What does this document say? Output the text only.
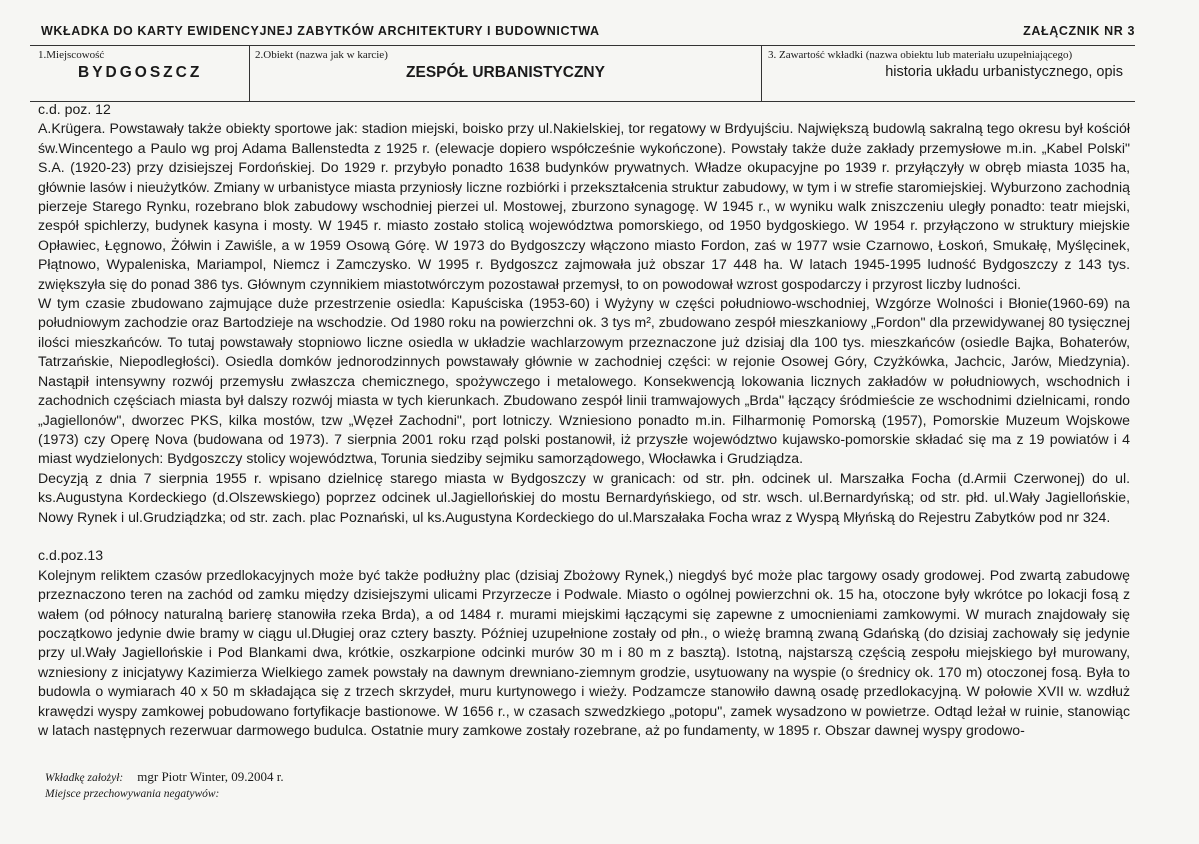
WKŁADKA DO KARTY EWIDENCYJNEJ ZABYTKÓW ARCHITEKTURY I BUDOWNICTWA	ZAŁĄCZNIK NR 3
1.Miejscowość
BYDGOSZCZ
2.Obiekt (nazwa jak w karcie)
ZESPÓŁ URBANISTYCZNY
3. Zawartość wkładki (nazwa obiektu lub materiału uzupełniającego)
historia układu urbanistycznego, opis

c.d. poz. 12

A.Krügera. Powstawały także obiekty sportowe jak: stadion miejski, boisko przy ul.Nakielskiej, tor regatowy w Brdyujściu. Największą budowlą sakralną tego okresu był kościół św.Wincentego a Paulo wg proj Adama Ballenstedta z 1925 r. (elewacje dopiero współcześnie wykończone). Powstały także duże zakłady przemysłowe m.in. „Kabel Polski" S.A. (1920-23) przy dzisiejszej Fordońskiej. Do 1929 r. przybyło ponadto 1638 budynków prywatnych. Władze okupacyjne po 1939 r. przyłączyły w obręb miasta 1035 ha, głównie lasów i nieużytków. Zmiany w urbanistyce miasta przyniosły liczne rozbiórki i przekształcenia struktur zabudowy, w tym i w strefie staromiejskiej. Wyburzono zachodnią pierzeje Starego Rynku, rozebrano blok zabudowy wschodniej pierzei ul. Mostowej, zburzono synagogę. W 1945 r., w wyniku walk zniszczeniu uległy ponadto: teatr miejski, zespół spichlerzy, budynek kasyna i mosty. W 1945 r. miasto zostało stolicą województwa pomorskiego, od 1950 bydgoskiego. W 1954 r. przyłączono w struktury miejskie Opławiec, Łęgnowo, Żółwin i Zawiśle, a w 1959 Osową Górę. W 1973 do Bydgoszczy włączono miasto Fordon, zaś w 1977 wsie Czarnowo, Łoskoń, Smukałę, Myślęcinek, Płątnowo, Wypaleniska, Mariampol, Niemcz i Zamczysko. W 1995 r. Bydgoszcz zajmowała już obszar 17 448 ha. W latach 1945-1995 ludność Bydgoszczy z 143 tys. zwiększyła się do ponad 386 tys. Głównym czynnikiem miastotwórczym pozostawał przemysł, to on powodował wzrost gospodarczy i przyrost liczby ludności.

W tym czasie zbudowano zajmujące duże przestrzenie osiedla: Kapuściska (1953-60) i Wyżyny w części południowo-wschodniej, Wzgórze Wolności i Błonie(1960-69) na południowym zachodzie oraz Bartodzieje na wschodzie. Od 1980 roku na powierzchni ok. 3 tys m², zbudowano zespół mieszkaniowy „Fordon" dla przewidywanej 80 tysięcznej ilości mieszkańców. To tutaj powstawały stopniowo liczne osiedla w układzie wachlarzowym przeznaczone już dzisiaj dla 100 tys. mieszkańców (osiedle Bajka, Bohaterów, Tatrzańskie, Niepodległości). Osiedla domków jednorodzinnych powstawały głównie w zachodniej części: w rejonie Osowej Góry, Czyżkówka, Jachcic, Jarów, Miedzynia). Nastąpił intensywny rozwój przemysłu zwłaszcza chemicznego, spożywczego i metalowego. Konsekwencją lokowania licznych zakładów w południowych, wschodnich i zachodnich częściach miasta był dalszy rozwój miasta w tych kierunkach. Zbudowano zespół linii tramwajowych „Brda" łączący śródmieście ze wschodnimi dzielnicami, rondo „Jagiellonów", dworzec PKS, kilka mostów, tzw „Węzeł Zachodni", port lotniczy. Wzniesiono ponadto m.in. Filharmonię Pomorską (1957), Pomorskie Muzeum Wojskowe (1973) czy Operę Nova (budowana od 1973). 7 sierpnia 2001 roku rząd polski postanowił, iż przyszłe województwo kujawsko-pomorskie składać się ma z 19 powiatów i 4 miast wydzielonych: Bydgoszczy stolicy województwa, Torunia siedziby sejmiku samorządowego, Włocławka i Grudziądza.

Decyzją z dnia 7 sierpnia 1955 r. wpisano dzielnicę starego miasta w Bydgoszczy w granicach: od str. płn. odcinek ul. Marszałka Focha (d.Armii Czerwonej) do ul. ks.Augustyna Kordeckiego (d.Olszewskiego) poprzez odcinek ul.Jagiellońskiej do mostu Bernardyńskiego, od str. wsch. ul.Bernardyńską; od str. płd. ul.Wały Jagiellońskie, Nowy Rynek i ul.Grudziądzka; od str. zach. plac Poznański, ul ks.Augustyna Kordeckiego do ul.Marszałaka Focha wraz z Wyspą Młyńską do Rejestru Zabytków pod nr 324.

c.d.poz.13

Kolejnym reliktem czasów przedlokacyjnych może być także podłużny plac (dzisiaj Zbożowy Rynek,) niegdyś być może plac targowy osady grodowej. Pod zwartą zabudowę przeznaczono teren na zachód od zamku między dzisiejszymi ulicami Przyrzecze i Podwale. Miasto o ogólnej powierzchni ok. 15 ha, otoczone były wkrótce po lokacji fosą z wałem (od północy naturalną barierę stanowiła rzeka Brda), a od 1484 r. murami miejskimi łączącymi się zapewne z umocnieniami zamkowymi. W murach znajdowały się początkowo jedynie dwie bramy w ciągu ul.Długiej oraz cztery baszty. Później uzupełnione zostały od płn., o wieżę bramną zwaną Gdańską (do dzisiaj zachowały się jedynie przy ul.Wały Jagiellońskie i Pod Blankami dwa, krótkie, oszkarpione odcinki murów 30 m i 80 m z basztą). Istotną, najstarszą częścią zespołu miejskiego był murowany, wzniesiony z inicjatywy Kazimierza Wielkiego zamek powstały na dawnym drewniano-ziemnym grodzie, usytuowany na wyspie (o średnicy ok. 170 m) otoczonej fosą. Była to budowla o wymiarach 40 x 50 m składająca się z trzech skrzydeł, muru kurtynowego i wieży. Podzamcze stanowiło dawną osadę przedlokacyjną. W połowie XVII w. wzdłuż krawędzi wyspy zamkowej pobudowano fortyfikacje bastionowe. W 1656 r., w czasach szwedzkiego „potopu", zamek wysadzono w powietrze. Odtąd leżał w ruinie, stanowiąc w latach następnych rezerwuar darmowego budulca. Ostatnie mury zamkowe zostały rozebrane, aż po fundamenty, w 1895 r. Obszar dawnej wyspy grodowo-

Wkładkę założył: mgr Piotr Winter, 09.2004 r.
Miejsce przechowywania negatywów:
